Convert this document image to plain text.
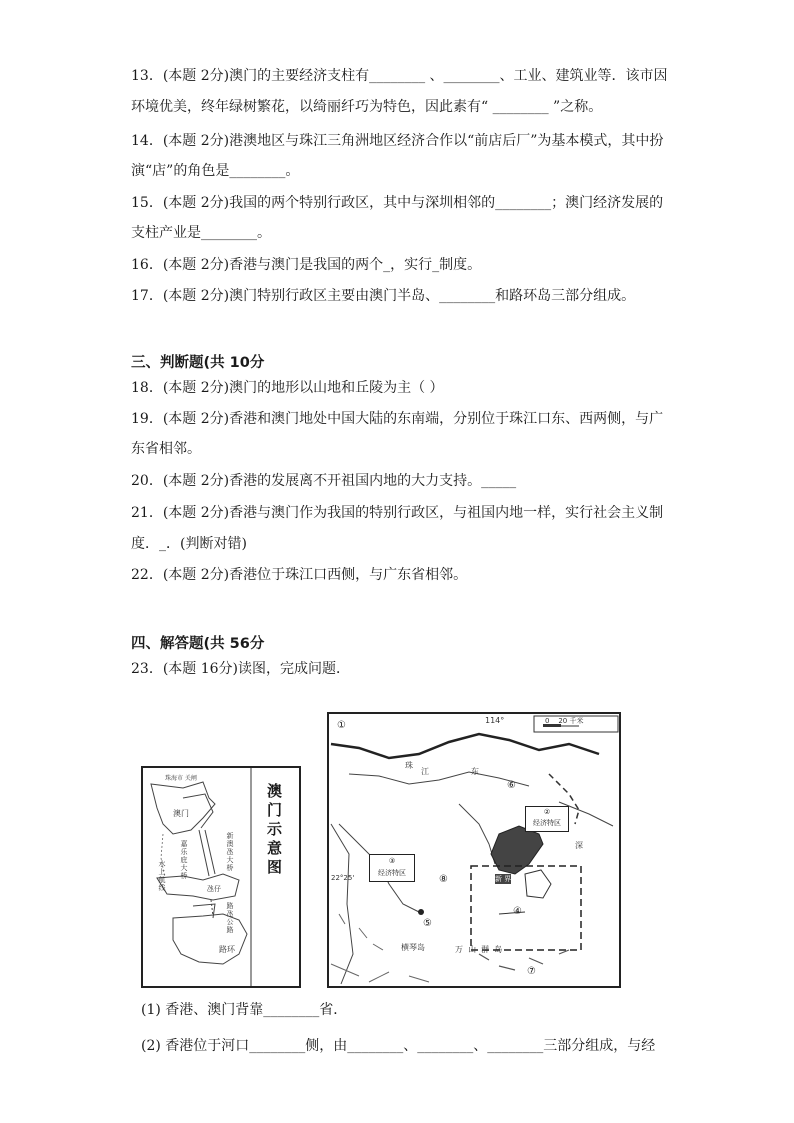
13．(本题 2分)澳门的主要经济支柱有________ 、________、工业、建筑业等．该市因
环境优美，终年绿树繁花，以绮丽纤巧为特色，因此素有“ ________ ”之称。
14．(本题 2分)港澳地区与珠江三角洲地区经济合作以“前店后厂”为基本模式，其中扮
演“店”的角色是________。
15．(本题 2分)我国的两个特别行政区，其中与深圳相邻的________；澳门经济发展的
支柱产业是________。
16．(本题 2分)香港与澳门是我国的两个_，实行_制度。
17．(本题 2分)澳门特别行政区主要由澳门半岛、________和路环岛三部分组成。
三、判断题(共 10分
18．(本题 2分)澳门的地形以山地和丘陵为主（ ）
19．(本题 2分)香港和澳门地处中国大陆的东南端，分别位于珠江口东、西两侧，与广
东省相邻。
20．(本题 2分)香港的发展离不开祖国内地的大力支持。_____
21．(本题 2分)香港与澳门作为我国的特别行政区，与祖国内地一样，实行社会主义制
度．_．(判断对错)
22．(本题 2分)香港位于珠江口西侧，与广东省相邻。
四、解答题(共 56分
23．(本题 16分)读图，完成问题．
珠海市 关闸
澳门
嘉乐庇大桥	新澳氹大桥
水上航线	氹仔
路氹公路
路环
澳门示意图
114°
22°25'
0    20 千米
江
珠
东
②
经济特区
③
经济特区
深
新 界
万  山  群  岛
横琴岛
①
④
⑤
⑥
⑦
⑧
(1) 香港、澳门背靠________省．
(2) 香港位于河口________侧，由________、________、________三部分组成，与经
